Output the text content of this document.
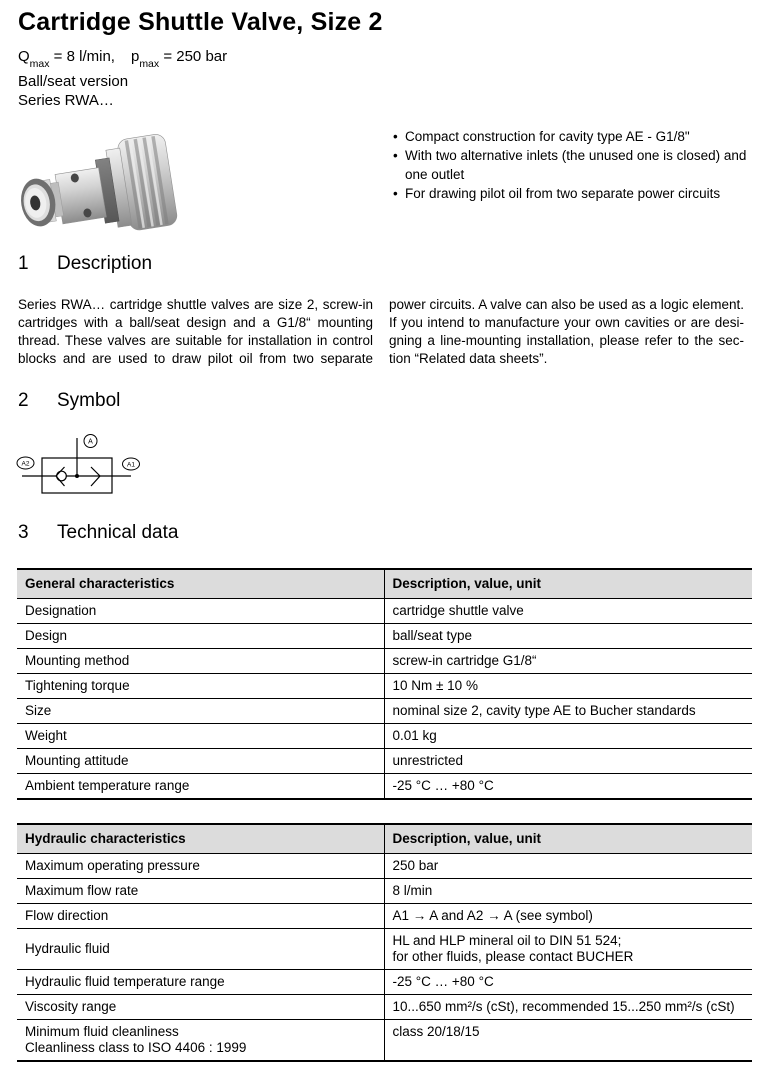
Cartridge Shuttle Valve, Size 2
$Q_{max} = 8$ l/min, $p_{max} = 250$ bar
Ball/seat version
Series RWA…
• Compact construction for cavity type AE - G1/8"
• With two alternative inlets (the unused one is closed) and one outlet
• For drawing pilot oil from two separate power circuits
1 Description
Series RWA… cartridge shuttle valves are size 2, screw-in
cartridges with a ball/seat design and a G1/8“ mounting
thread. These valves are suitable for installation in control
blocks and are used to draw pilot oil from two separate
power circuits. A valve can also be used as a logic element.
If you intend to manufacture your own cavities or are desi-
gning a line-mounting installation, please refer to the sec-
tion “Related data sheets”.
2 Symbol
A
A2	A1
3 Technical data
General characteristics	Description, value, unit
Designation	cartridge shuttle valve
Design	ball/seat type
Mounting method	screw-in cartridge G1/8“
Tightening torque	10 Nm ± 10 %
Size	nominal size 2, cavity type AE to Bucher standards
Weight	0.01 kg
Mounting attitude	unrestricted
Ambient temperature range	-25 °C … +80 °C
Hydraulic characteristics	Description, value, unit
Maximum operating pressure	250 bar
Maximum flow rate	8 l/min
Flow direction	A1 → A and A2 → A (see symbol)
Hydraulic fluid	HL and HLP mineral oil to DIN 51 524;
for other fluids, please contact BUCHER

Hydraulic fluid temperature range	-25 °C … +80 °C
Viscosity range	10...650 mm²/s (cSt), recommended 15...250 mm²/s (cSt)

Minimum fluid cleanliness
Cleanliness class to ISO 4406 : 1999	class 20/18/15
